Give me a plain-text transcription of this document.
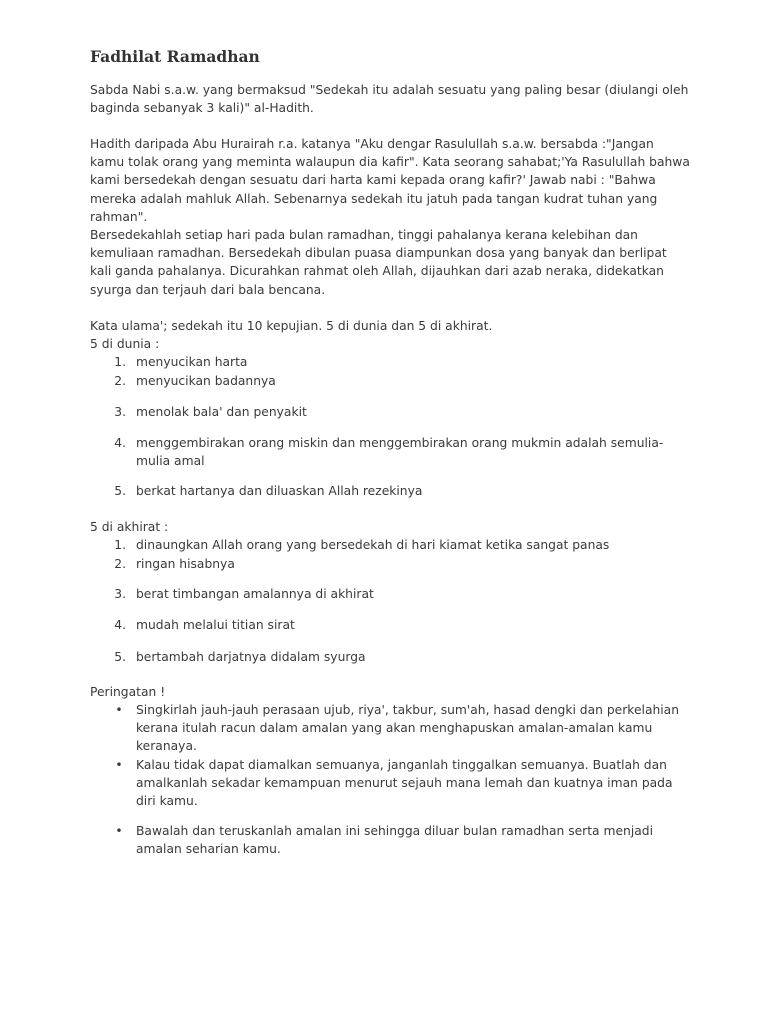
Fadhilat Ramadhan

Sabda Nabi s.a.w. yang bermaksud "Sedekah itu adalah sesuatu yang paling besar (diulangi oleh baginda sebanyak 3 kali)" al-Hadith.

Hadith daripada Abu Hurairah r.a. katanya "Aku dengar Rasulullah s.a.w. bersabda :"Jangan kamu tolak orang yang meminta walaupun dia kafir". Kata seorang sahabat;'Ya Rasulullah bahwa kami bersedekah dengan sesuatu dari harta kami kepada orang kafir?' Jawab nabi : "Bahwa mereka adalah mahluk Allah. Sebenarnya sedekah itu jatuh pada tangan kudrat tuhan yang rahman".

Bersedekahlah setiap hari pada bulan ramadhan, tinggi pahalanya kerana kelebihan dan kemuliaan ramadhan. Bersedekah dibulan puasa diampunkan dosa yang banyak dan berlipat kali ganda pahalanya. Dicurahkan rahmat oleh Allah, dijauhkan dari azab neraka, didekatkan syurga dan terjauh dari bala bencana.

Kata ulama'; sedekah itu 10 kepujian. 5 di dunia dan 5 di akhirat.

5 di dunia :

1. menyucikan harta
2. menyucikan badannya
3. menolak bala' dan penyakit
4. menggembirakan orang miskin dan menggembirakan orang mukmin adalah semulia-mulia amal
5. berkat hartanya dan diluaskan Allah rezekinya

5 di akhirat :

1. dinaungkan Allah orang yang bersedekah di hari kiamat ketika sangat panas
2. ringan hisabnya
3. berat timbangan amalannya di akhirat
4. mudah melalui titian sirat
5. bertambah darjatnya didalam syurga

Peringatan !

• Singkirlah jauh-jauh perasaan ujub, riya', takbur, sum'ah, hasad dengki dan perkelahian kerana itulah racun dalam amalan yang akan menghapuskan amalan-amalan kamu keranaya.
• Kalau tidak dapat diamalkan semuanya, janganlah tinggalkan semuanya. Buatlah dan amalkanlah sekadar kemampuan menurut sejauh mana lemah dan kuatnya iman pada diri kamu.
• Bawalah dan teruskanlah amalan ini sehingga diluar bulan ramadhan serta menjadi amalan seharian kamu.
